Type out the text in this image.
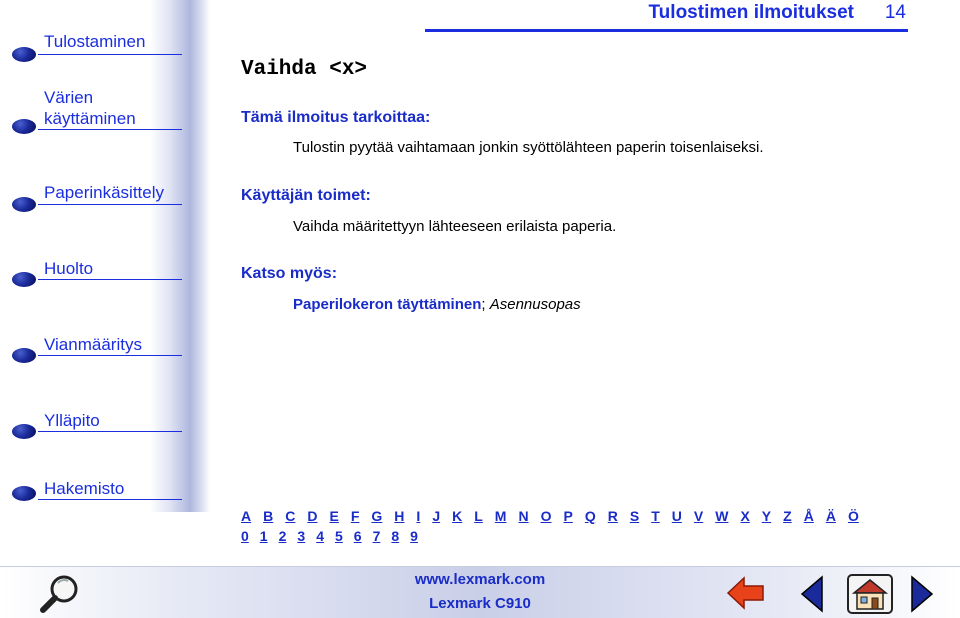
Tulostimen ilmoitukset 14
Tulostaminen
Värien
käyttäminen
Paperinkäsittely
Huolto
Vianmääritys
Ylläpito
Hakemisto
Vaihda <x>
Tämä ilmoitus tarkoittaa:
Tulostin pyytää vaihtamaan jonkin syöttölähteen paperin toisenlaiseksi.
Käyttäjän toimet:
Vaihda määritettyyn lähteeseen erilaista paperia.
Katso myös:
Paperilokeron täyttäminen; Asennusopas
A B C D E F G H I J K L M N O P Q R S T U V W X Y Z Å Ä Ö
0 1 2 3 4 5 6 7 8 9
www.lexmark.com
Lexmark C910
